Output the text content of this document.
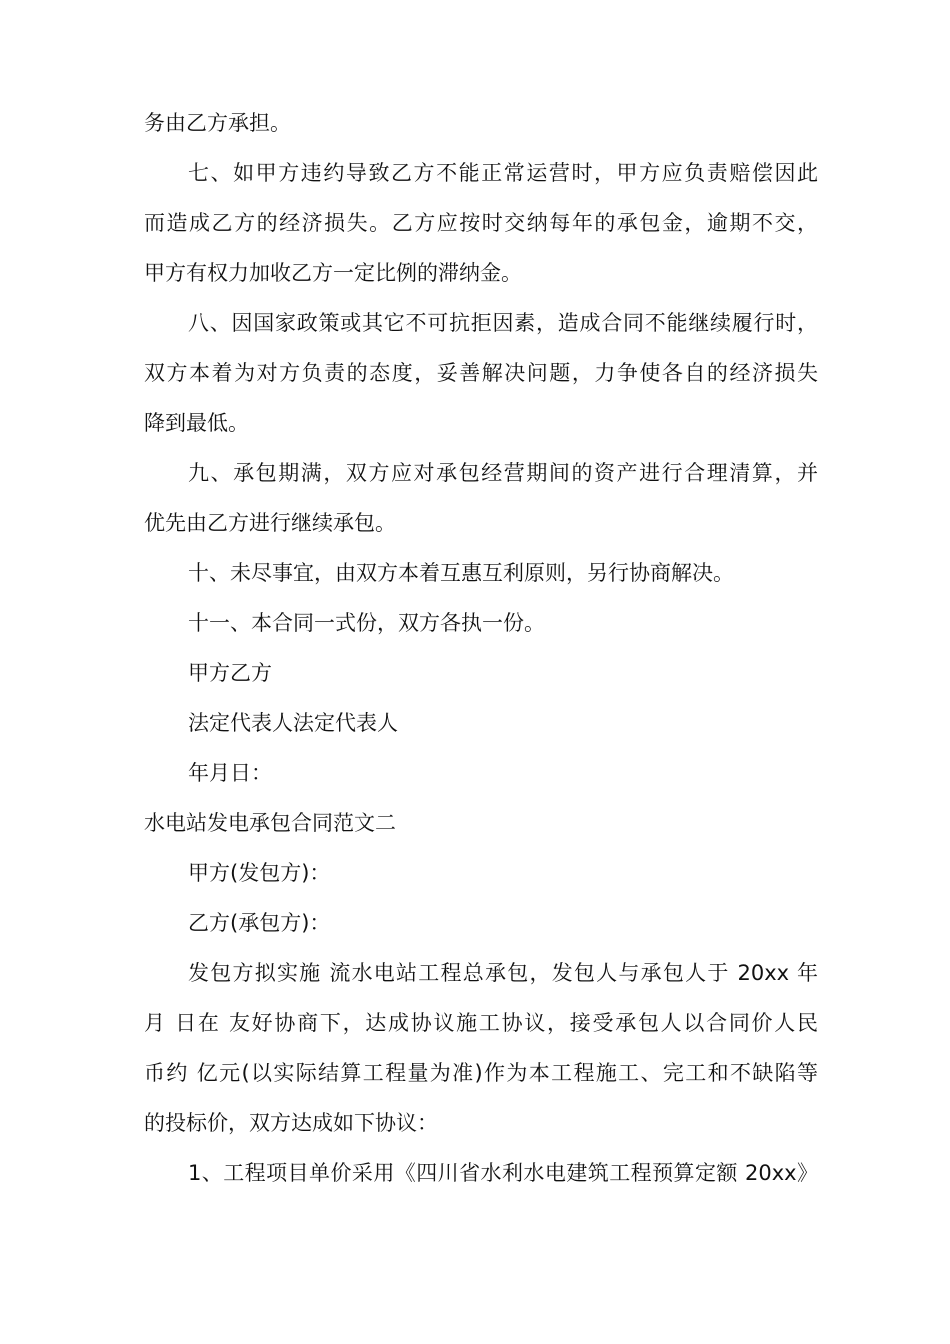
务由乙方承担。
七、如甲方违约导致乙方不能正常运营时，甲方应负责赔偿因此
而造成乙方的经济损失。乙方应按时交纳每年的承包金，逾期不交，
甲方有权力加收乙方一定比例的滞纳金。
八、因国家政策或其它不可抗拒因素，造成合同不能继续履行时，
双方本着为对方负责的态度，妥善解决问题，力争使各自的经济损失
降到最低。
九、承包期满，双方应对承包经营期间的资产进行合理清算，并
优先由乙方进行继续承包。
十、未尽事宜，由双方本着互惠互利原则，另行协商解决。
十一、本合同一式份，双方各执一份。
甲方乙方
法定代表人法定代表人
年月日：
水电站发电承包合同范文二
甲方(发包方)：
乙方(承包方)：
发包方拟实施 流水电站工程总承包，发包人与承包人于 20xx 年
月 日在 友好协商下，达成协议施工协议，接受承包人以合同价人民
币约 亿元(以实际结算工程量为准)作为本工程施工、完工和不缺陷等
的投标价，双方达成如下协议：
1、工程项目单价采用《四川省水利水电建筑工程预算定额 20xx》
